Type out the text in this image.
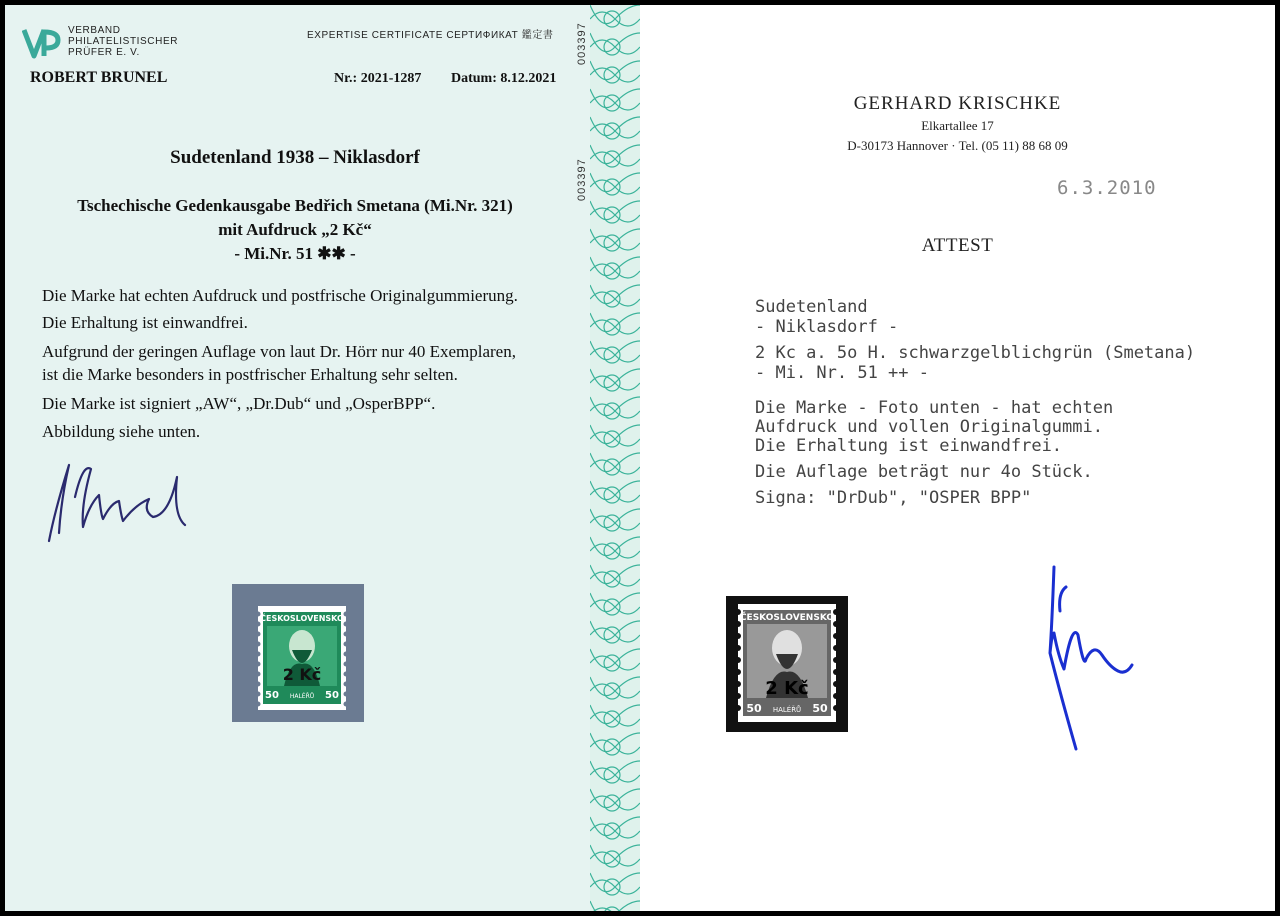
VERBAND
PHILATELISTISCHER
PRÜFER E. V.
EXPERTISE CERTIFICATE СЕРТИФИКАТ 鑑定書
ROBERT BRUNEL	Nr.: 2021-1287 Datum: 8.12.2021
003397
003397
Sudetenland 1938 – Niklasdorf
Tschechische Gedenkausgabe Bedřich Smetana (Mi.Nr. 321)
mit Aufdruck „2 Kč“
- Mi.Nr. 51 ✱✱ -
Die Marke hat echten Aufdruck und postfrische Originalgummierung.
Die Erhaltung ist einwandfrei.
Aufgrund der geringen Auflage von laut Dr. Hörr nur 40 Exemplaren,
ist die Marke besonders in postfrischer Erhaltung sehr selten.
Die Marke ist signiert „AW“, „Dr.Dub“ und „OsperBPP“.
Abbildung siehe unten.
ČESKOSLOVENSKO
2 Kč
50	50
HALÉŘŮ
GERHARD KRISCHKE
Elkartallee 17
D-30173 Hannover · Tel. (05 11) 88 68 09
6.3.2010
ATTEST
Sudetenland
- Niklasdorf -
2 Kc a. 5o H. schwarzgelblichgrün (Smetana)
- Mi. Nr. 51 ++ -
Die Marke - Foto unten - hat echten
Aufdruck und vollen Originalgummi.
Die Erhaltung ist einwandfrei.
Die Auflage beträgt nur 4o Stück.
Signa: "DrDub", "OSPER BPP"
ČESKOSLOVENSKO
2 Kč
50	50
HALÉŘŮ
